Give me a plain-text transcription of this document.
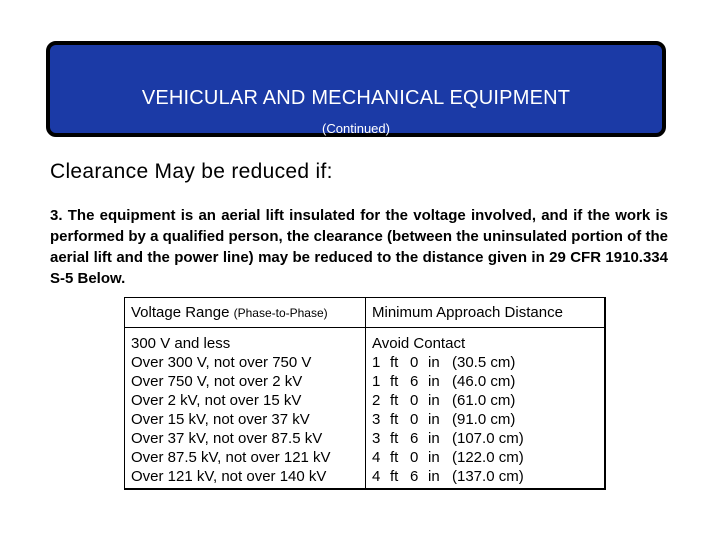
VEHICULAR AND MECHANICAL EQUIPMENT
(Continued)
Clearance May be reduced if:
3. The equipment is an aerial lift insulated for the voltage involved, and if the work is performed by a qualified person, the clearance (between the uninsulated portion of the aerial lift and the power line) may be reduced to the distance given in 29 CFR 1910.334 S-5 Below.
Voltage Range (Phase-to-Phase)	Minimum Approach Distance
300 V and less
Over 300 V, not over 750 V
Over 750 V, not over 2 kV
Over 2 kV, not over 15 kV
Over 15 kV, not over 37 kV
Over 37 kV, not over 87.5 kV
Over 87.5 kV, not over 121 kV
Over 121 kV, not over 140 kV
Avoid Contact
1 ft 0 in (30.5 cm)
1 ft 6 in (46.0 cm)
2 ft 0 in (61.0 cm)
3 ft 0 in (91.0 cm)
3 ft 6 in (107.0 cm)
4 ft 0 in (122.0 cm)
4 ft 6 in (137.0 cm)
